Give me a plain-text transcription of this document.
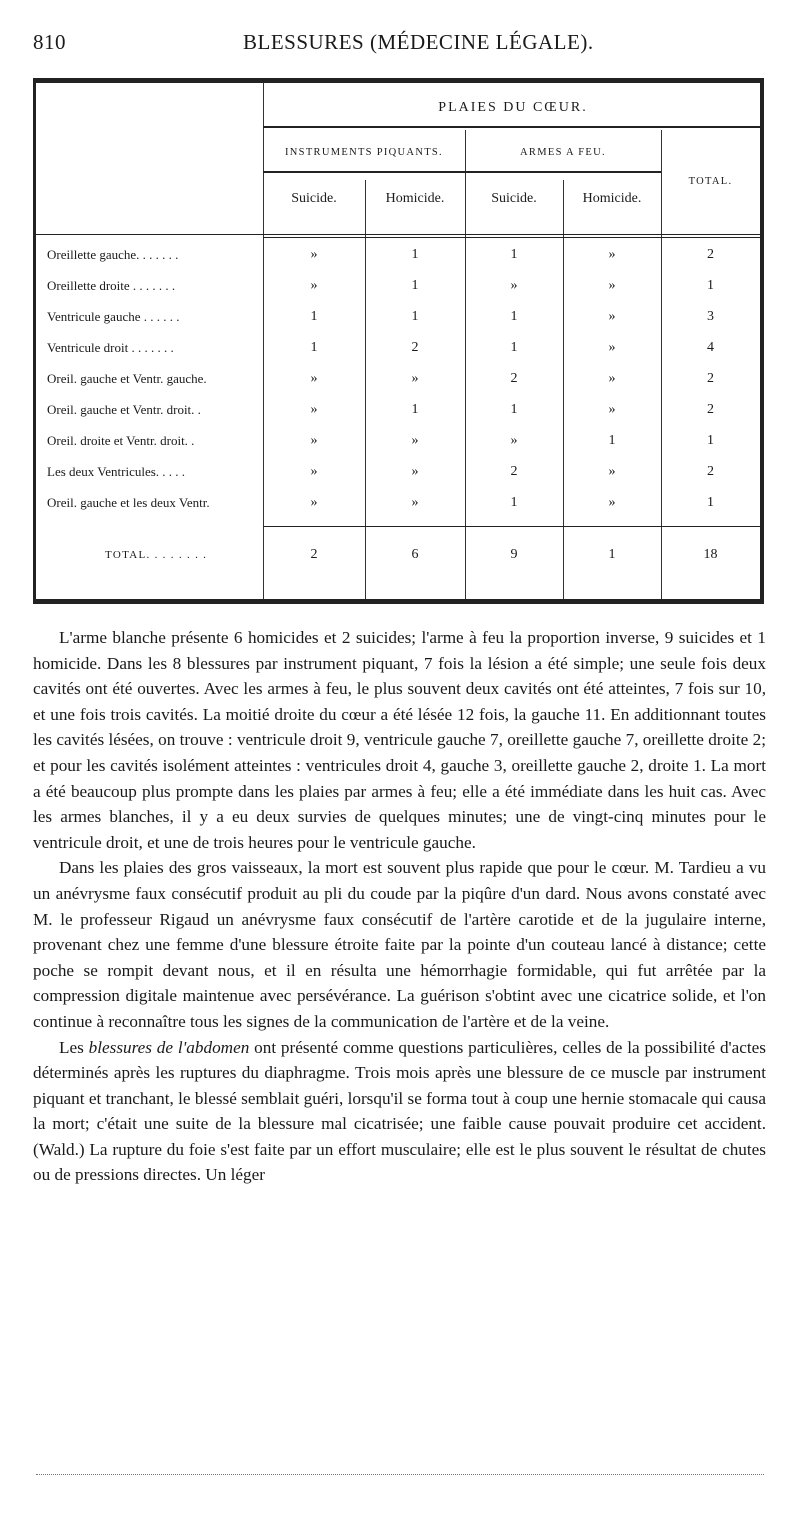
810	BLESSURES (MÉDECINE LÉGALE).
PLAIES DU CŒUR.
INSTRUMENTS PIQUANTS.	ARMES A FEU.
TOTAL.
Suicide.	Homicide.	Suicide.	Homicide.
Oreillette gauche. . . . . . .	»	1	1	»	2
Oreillette droite . . . . . . .	»	1	»	»	1
Ventricule gauche . . . . . .	1	1	1	»	3
Ventricule droit . . . . . . .	1	2	1	»	4
Oreil. gauche et Ventr. gauche.	»	»	2	»	2
Oreil. gauche et Ventr. droit. .	»	1	1	»	2
Oreil. droite et Ventr. droit. .	»	»	»	1	1
Les deux Ventricules. . . . .	»	»	2	»	2
Oreil. gauche et les deux Ventr.	»	»	1	»	1
TOTAL. . . . . . . .	2	6	9	1	18

L'arme blanche présente 6 homicides et 2 suicides; l'arme à feu la proportion inverse, 9 suicides et 1 homicide. Dans les 8 blessures par instrument piquant, 7 fois la lésion a été simple; une seule fois deux cavités ont été ouvertes. Avec les armes à feu, le plus souvent deux cavités ont été atteintes, 7 fois sur 10, et une fois trois cavités. La moitié droite du cœur a été lésée 12 fois, la gauche 11. En additionnant toutes les cavités lésées, on trouve : ventricule droit 9, ventricule gauche 7, oreillette gauche 7, oreillette droite 2; et pour les cavités isolément atteintes : ventricules droit 4, gauche 3, oreillette gauche 2, droite 1. La mort a été beaucoup plus prompte dans les plaies par armes à feu; elle a été immédiate dans les huit cas. Avec les armes blanches, il y a eu deux survies de quelques minutes; une de vingt-cinq minutes pour le ventricule droit, et une de trois heures pour le ventricule gauche.

Dans les plaies des gros vaisseaux, la mort est souvent plus rapide que pour le cœur. M. Tardieu a vu un anévrysme faux consécutif produit au pli du coude par la piqûre d'un dard. Nous avons constaté avec M. le professeur Rigaud un anévrysme faux consécutif de l'artère carotide et de la jugulaire interne, provenant chez une femme d'une blessure étroite faite par la pointe d'un couteau lancé à distance; cette poche se rompit devant nous, et il en résulta une hémorrhagie formidable, qui fut arrêtée par la compression digitale maintenue avec persévérance. La guérison s'obtint avec une cicatrice solide, et l'on continue à reconnaître tous les signes de la communication de l'artère et de la veine.

Les blessures de l'abdomen ont présenté comme questions particulières, celles de la possibilité d'actes déterminés après les ruptures du diaphragme. Trois mois après une blessure de ce muscle par instrument piquant et tranchant, le blessé semblait guéri, lorsqu'il se forma tout à coup une hernie stomacale qui causa la mort; c'était une suite de la blessure mal cicatrisée; une faible cause pouvait produire cet accident. (Wald.) La rupture du foie s'est faite par un effort musculaire; elle est le plus souvent le résultat de chutes ou de pressions directes. Un léger
